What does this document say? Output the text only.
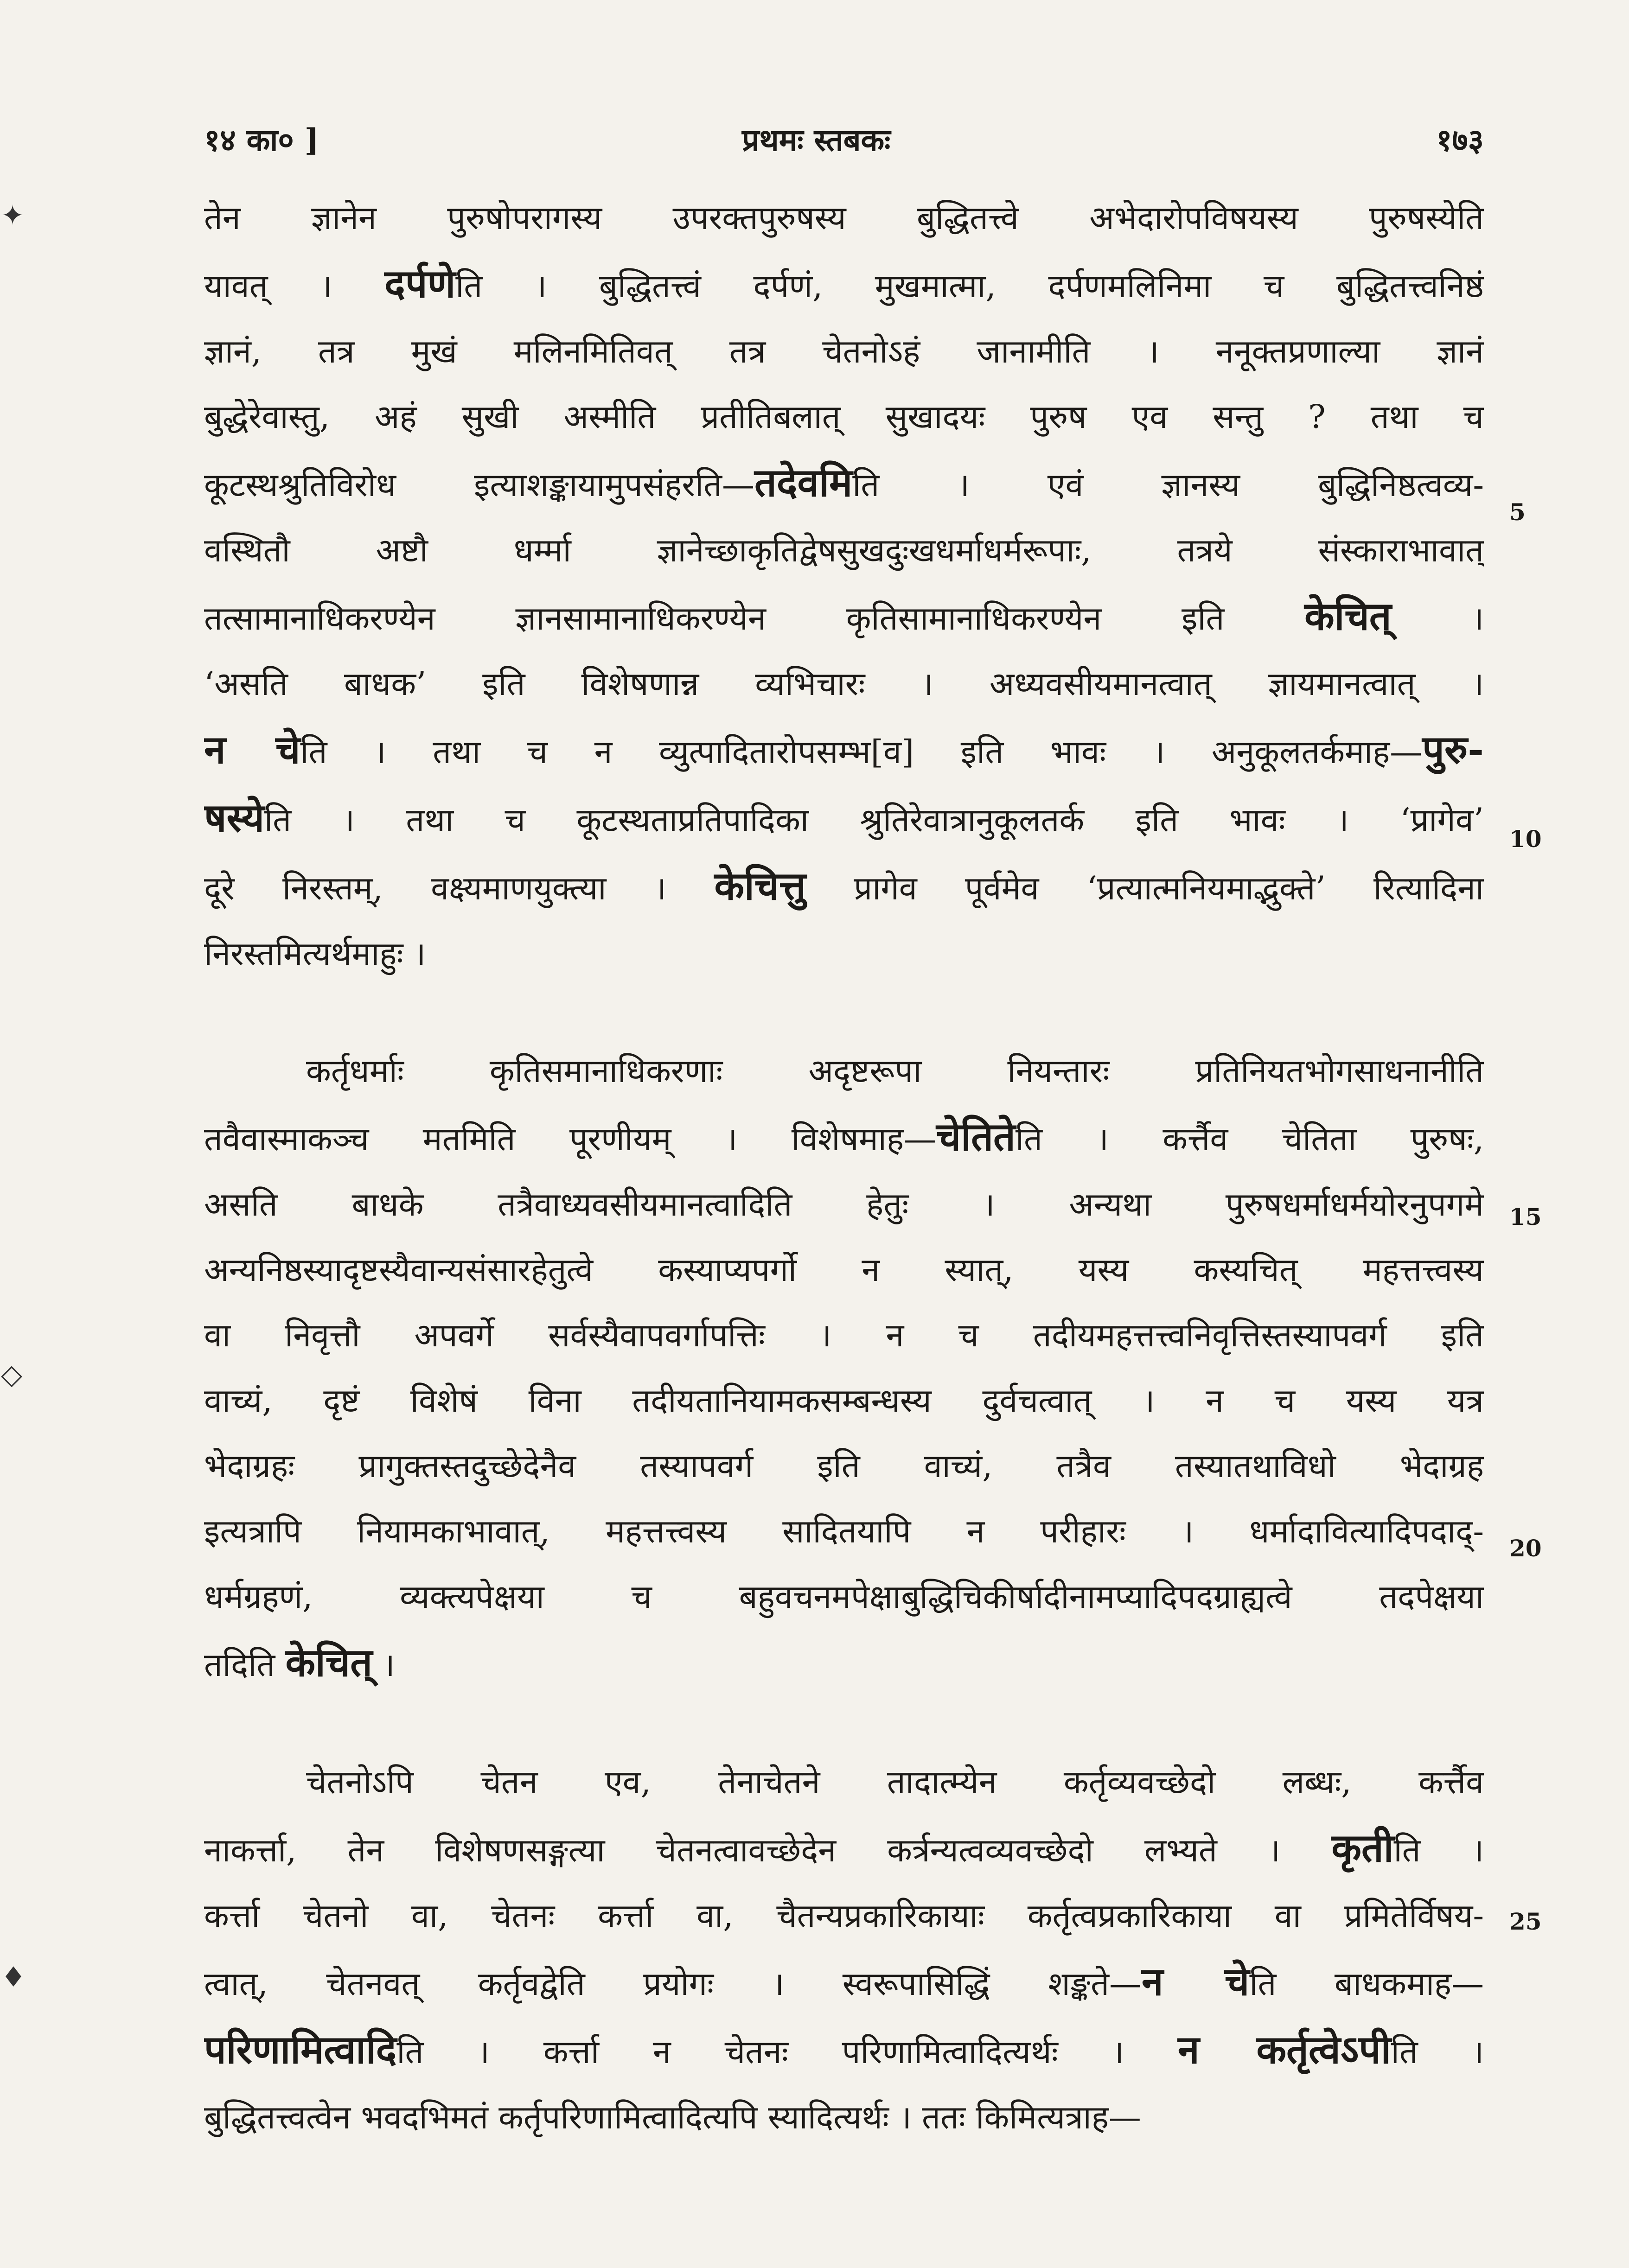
१४ का० ]	प्रथमः स्तबकः	१७३
तेन ज्ञानेन पुरुषोपरागस्य उपरक्तपुरुषस्य बुद्धितत्त्वे अभेदारोपविषयस्य पुरुषस्येति
यावत् । दर्पणेति । बुद्धितत्त्वं दर्पणं, मुखमात्मा, दर्पणमलिनिमा च बुद्धितत्त्वनिष्ठं
ज्ञानं, तत्र मुखं मलिनमितिवत् तत्र चेतनोऽहं जानामीति । ननूक्तप्रणाल्या ज्ञानं
बुद्धेरेवास्तु, अहं सुखी अस्मीति प्रतीतिबलात् सुखादयः पुरुष एव सन्तु ? तथा च
कूटस्थश्रुतिविरोध इत्याशङ्कायामुपसंहरति—तदेवमिति । एवं ज्ञानस्य बुद्धिनिष्ठत्वव्य-
वस्थितौ अष्टौ धर्म्मा ज्ञानेच्छाकृतिद्वेषसुखदुःखधर्माधर्मरूपाः, तत्रये संस्काराभावात्
तत्सामानाधिकरण्येन ज्ञानसामानाधिकरण्येन कृतिसामानाधिकरण्येन इति केचित् ।
‘असति बाधक’ इति विशेषणान्न व्यभिचारः । अध्यवसीयमानत्वात् ज्ञायमानत्वात् ।
न चेति । तथा च न व्युत्पादितारोपसम्भ[व] इति भावः । अनुकूलतर्कमाह—पुरु-
षस्येति । तथा च कूटस्थताप्रतिपादिका श्रुतिरेवात्रानुकूलतर्क इति भावः । ‘प्रागेव’
दूरे निरस्तम्, वक्ष्यमाणयुक्त्या । केचित्तु प्रागेव पूर्वमेव ‘प्रत्यात्मनियमाद्भुक्ते’ रित्यादिना
निरस्तमित्यर्थमाहुः ।
कर्तृधर्माः कृतिसमानाधिकरणाः अदृष्टरूपा नियन्तारः प्रतिनियतभोगसाधनानीति
तवैवास्माकञ्च मतमिति पूरणीयम् । विशेषमाह—चेतितेति । कर्त्तैव चेतिता पुरुषः,
असति बाधके तत्रैवाध्यवसीयमानत्वादिति हेतुः । अन्यथा पुरुषधर्माधर्मयोरनुपगमे
अन्यनिष्ठस्यादृष्टस्यैवान्यसंसारहेतुत्वे कस्याप्यपर्गो न स्यात्, यस्य कस्यचित् महत्तत्त्वस्य
वा निवृत्तौ अपवर्गे सर्वस्यैवापवर्गापत्तिः । न च तदीयमहत्तत्त्वनिवृत्तिस्तस्यापवर्ग इति
वाच्यं, दृष्टं विशेषं विना तदीयतानियामकसम्बन्धस्य दुर्वचत्वात् । न च यस्य यत्र
भेदाग्रहः प्रागुक्तस्तदुच्छेदेनैव तस्यापवर्ग इति वाच्यं, तत्रैव तस्यातथाविधो भेदाग्रह
इत्यत्रापि नियामकाभावात्, महत्तत्त्वस्य सादितयापि न परीहारः । धर्मादावित्यादिपदाद्-
धर्मग्रहणं, व्यक्त्यपेक्षया च बहुवचनमपेक्षाबुद्धिचिकीर्षादीनामप्यादिपदग्राह्यत्वे तदपेक्षया
तदिति केचित् ।
चेतनोऽपि चेतन एव, तेनाचेतने तादात्म्येन कर्तृव्यवच्छेदो लब्धः, कर्त्तैव
नाकर्त्ता, तेन विशेषणसङ्गत्या चेतनत्वावच्छेदेन कर्त्रन्यत्वव्यवच्छेदो लभ्यते । कृतीति ।
कर्त्ता चेतनो वा, चेतनः कर्त्ता वा, चैतन्यप्रकारिकायाः कर्तृत्वप्रकारिकाया वा प्रमितेर्विषय-
त्वात्, चेतनवत् कर्तृवद्वेति प्रयोगः । स्वरूपासिद्धिं शङ्कते—न चेति बाधकमाह—
परिणामित्वादिति । कर्त्ता न चेतनः परिणामित्वादित्यर्थः । न कर्तृत्वेऽपीति ।
बुद्धितत्त्वत्वेन भवदभिमतं कर्तृपरिणामित्वादित्यपि स्यादित्यर्थः । ततः किमित्यत्राह—
5
10
15
20
25
✦
◇
♦
